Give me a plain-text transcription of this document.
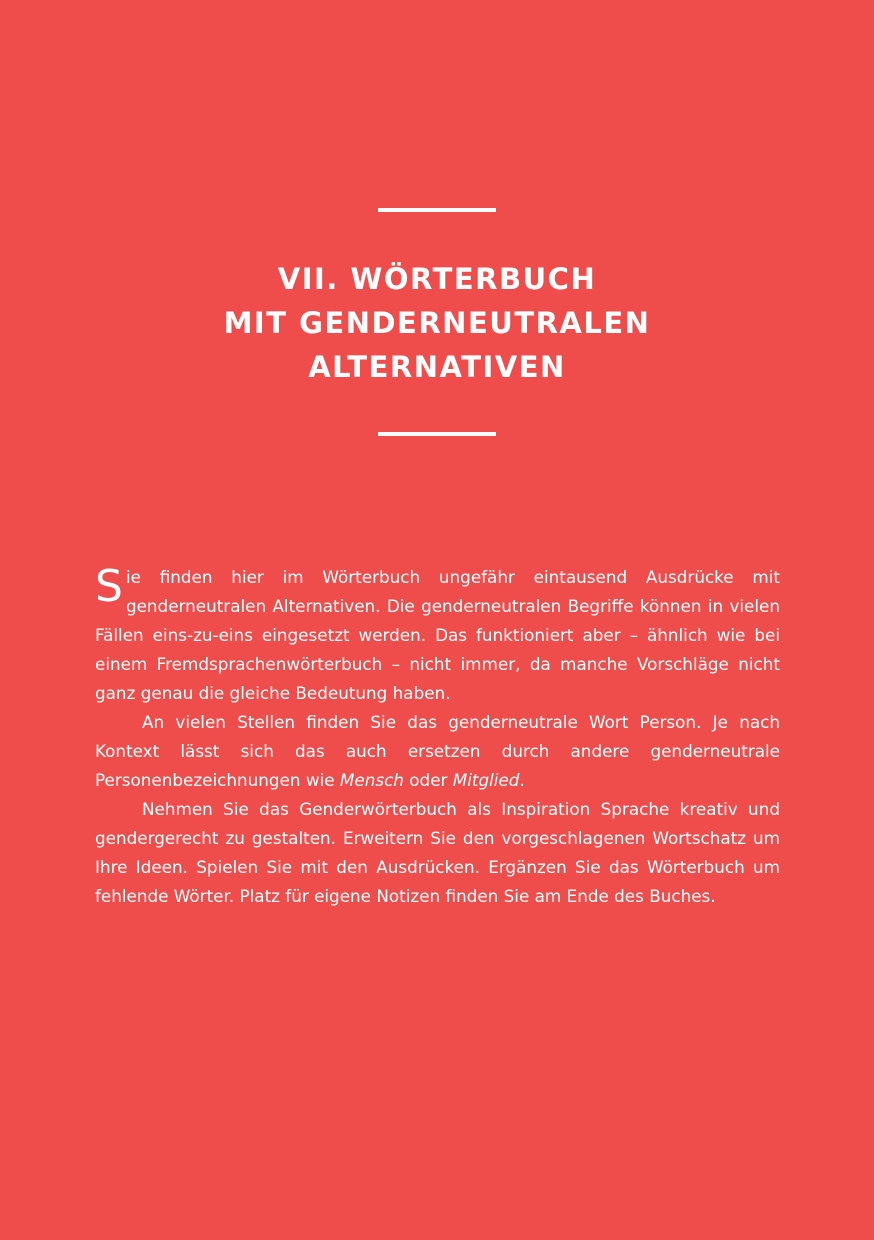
VII. WÖRTERBUCH
MIT GENDERNEUTRALEN
ALTERNATIVEN

Sie finden hier im Wörterbuch ungefähr eintausend Ausdrücke mit genderneutralen Alternativen. Die genderneutralen Begriffe können in vielen Fällen eins-zu-eins eingesetzt werden. Das funktioniert aber – ähnlich wie bei einem Fremdsprachenwörterbuch – nicht immer, da manche Vorschläge nicht ganz genau die gleiche Bedeutung haben.

An vielen Stellen finden Sie das genderneutrale Wort Person. Je nach Kontext lässt sich das auch ersetzen durch andere genderneutrale Personenbezeichnungen wie Mensch oder Mitglied.

Nehmen Sie das Genderwörterbuch als Inspiration Sprache kreativ und gendergerecht zu gestalten. Erweitern Sie den vorgeschlagenen Wortschatz um Ihre Ideen. Spielen Sie mit den Ausdrücken. Ergänzen Sie das Wörterbuch um fehlende Wörter. Platz für eigene Notizen finden Sie am Ende des Buches.
